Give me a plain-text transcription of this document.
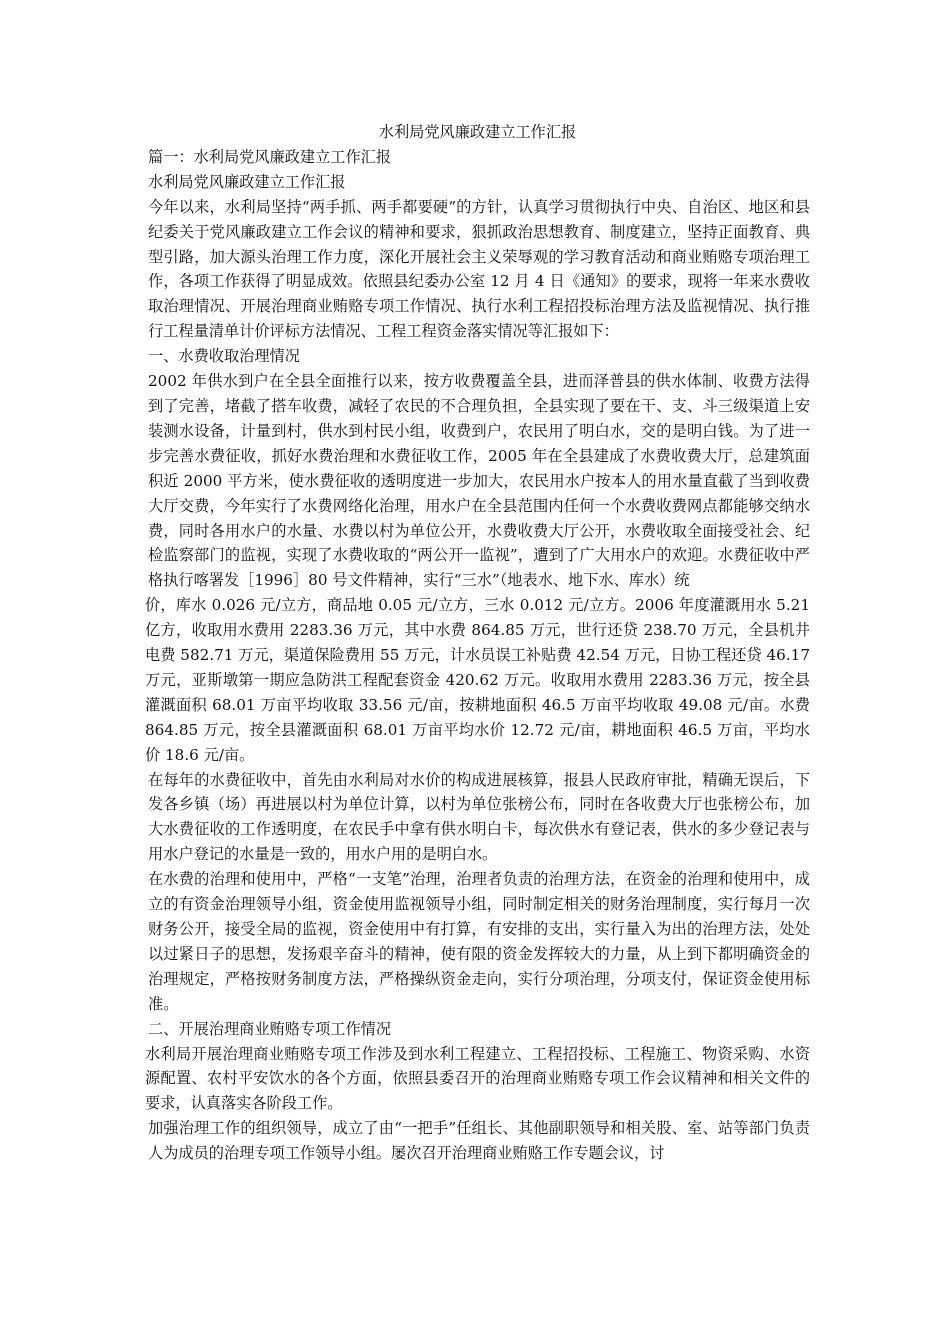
水利局党风廉政建立工作汇报

篇一：水利局党风廉政建立工作汇报

水利局党风廉政建立工作汇报

今年以来，水利局坚持“两手抓、两手都要硬”的方针，认真学习贯彻执行中央、自治区、地区和县纪委关于党风廉政建立工作会议的精神和要求，狠抓政治思想教育、制度建立，坚持正面教育、典型引路，加大源头治理工作力度，深化开展社会主义荣辱观的学习教育活动和商业贿赂专项治理工作，各项工作获得了明显成效。依照县纪委办公室 12 月 4 日《通知》的要求，现将一年来水费收取治理情况、开展治理商业贿赂专项工作情况、执行水利工程招投标治理方法及监视情况、执行推行工程量清单计价评标方法情况、工程工程资金落实情况等汇报如下：

一、水费收取治理情况

2002 年供水到户在全县全面推行以来，按方收费覆盖全县，进而泽普县的供水体制、收费方法得到了完善，堵截了搭车收费，减轻了农民的不合理负担，全县实现了要在干、支、斗三级渠道上安装测水设备，计量到村，供水到村民小组，收费到户，农民用了明白水，交的是明白钱。为了进一步完善水费征收，抓好水费治理和水费征收工作，2005 年在全县建成了水费收费大厅，总建筑面积近 2000 平方米，使水费征收的透明度进一步加大，农民用水户按本人的用水量直截了当到收费大厅交费，今年实行了水费网络化治理，用水户在全县范围内任何一个水费收费网点都能够交纳水费，同时各用水户的水量、水费以村为单位公开，水费收费大厅公开，水费收取全面接受社会、纪检监察部门的监视，实现了水费收取的“两公开一监视”，遭到了广大用水户的欢迎。水费征收中严格执行喀署发［1996］80 号文件精神，实行“三水”（地表水、地下水、库水）统

价，库水 0.026 元/立方，商品地 0.05 元/立方，三水 0.012 元/立方。2006 年度灌溉用水 5.21 亿方，收取用水费用 2283.36 万元，其中水费 864.85 万元，世行还贷 238.70 万元，全县机井电费 582.71 万元，渠道保险费用 55 万元，计水员误工补贴费 42.54 万元，日协工程还贷 46.17 万元，亚斯墩第一期应急防洪工程配套资金 420.62 万元。收取用水费用 2283.36 万元，按全县灌溉面积 68.01 万亩平均收取 33.56 元/亩，按耕地面积 46.5 万亩平均收取 49.08 元/亩。水费 864.85 万元，按全县灌溉面积 68.01 万亩平均水价 12.72 元/亩，耕地面积 46.5 万亩，平均水价 18.6 元/亩。

在每年的水费征收中，首先由水利局对水价的构成进展核算，报县人民政府审批，精确无误后，下发各乡镇（场）再进展以村为单位计算，以村为单位张榜公布，同时在各收费大厅也张榜公布，加大水费征收的工作透明度，在农民手中拿有供水明白卡，每次供水有登记表，供水的多少登记表与用水户登记的水量是一致的，用水户用的是明白水。

在水费的治理和使用中，严格“一支笔”治理，治理者负责的治理方法，在资金的治理和使用中，成立的有资金治理领导小组，资金使用监视领导小组，同时制定相关的财务治理制度，实行每月一次财务公开，接受全局的监视，资金使用中有打算，有安排的支出，实行量入为出的治理方法，处处以过紧日子的思想，发扬艰辛奋斗的精神，使有限的资金发挥较大的力量，从上到下都明确资金的治理规定，严格按财务制度方法，严格操纵资金走向，实行分项治理，分项支付，保证资金使用标准。

二、开展治理商业贿赂专项工作情况

水利局开展治理商业贿赂专项工作涉及到水利工程建立、工程招投标、工程施工、物资采购、水资源配置、农村平安饮水的各个方面，依照县委召开的治理商业贿赂专项工作会议精神和相关文件的要求，认真落实各阶段工作。

加强治理工作的组织领导，成立了由“一把手”任组长、其他副职领导和相关股、室、站等部门负责人为成员的治理专项工作领导小组。屡次召开治理商业贿赂工作专题会议，讨
